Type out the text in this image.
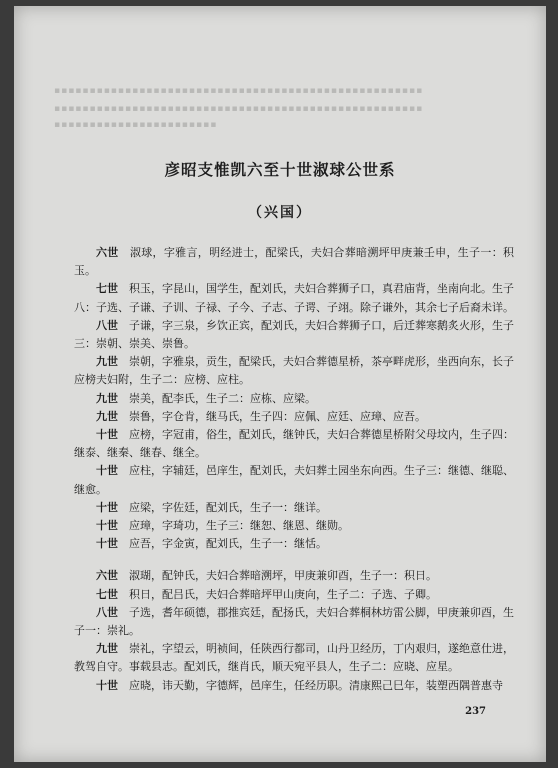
▪▪▪▪▪▪▪▪▪▪▪▪▪▪▪▪▪▪▪▪▪▪▪▪▪▪▪▪▪▪▪▪▪▪▪▪▪▪▪▪▪▪▪▪▪▪▪▪▪▪▪▪
▪▪▪▪▪▪▪▪▪▪▪▪▪▪▪▪▪▪▪▪▪▪▪▪▪▪▪▪▪▪▪▪▪▪▪▪▪▪▪▪▪▪▪▪▪▪▪▪▪▪▪▪
▪▪▪▪▪▪▪▪▪▪▪▪▪▪▪▪▪▪▪▪▪▪▪
彦昭支惟凯六至十世淑球公世系
（兴国）

六世　 淑球，字雅言，明经进士，配梁氏，夫妇合葬暗溯坪甲庚兼壬申，生子一：积玉。

七世　 积玉，字昆山，国学生，配刘氏，夫妇合葬狮子口，真君庙背，坐南向北。生子八：子选、子谦、子训、子禄、子今、子志、子谔、子翊。除子谦外，其余七子后裔未详。

八世　 子谦，字三泉，乡饮正宾，配刘氏，夫妇合葬狮子口，后迁葬寒鹅炙火形，生子三：崇朝、崇美、崇鲁。

九世　 崇朝，字雅泉，贡生，配梁氏，夫妇合葬德星桥，茶亭畔虎形，坐西向东，长子应榜夫妇附，生子二：应榜、应柱。

九世　 崇美，配李氏，生子二：应栋、应梁。

九世　 崇鲁，字仓肯，继马氏，生子四：应佩、应廷、应璋、应吾。

十世　 应榜，字冠甫，俗生，配刘氏，继钟氏，夫妇合葬德星桥附父母坟内，生子四：继泰、继秦、继春、继全。

十世　 应柱，字辅廷，邑庠生，配刘氏，夫妇葬土园坐东向西。生子三：继德、继聪、继愈。

十世　 应梁，字佐廷，配刘氏，生子一：继详。

十世　 应璋，字琦功，生子三：继恕、继恩、继勋。

十世　 应吾，字金寅，配刘氏，生子一：继恬。

六世　 淑瑚，配钟氏，夫妇合葬暗溯坪，甲庚兼卯酉，生子一：积日。

七世　 积日，配吕氏，夫妇合葬暗坪甲山庚向，生子二：子选、子卿。

八世　 子选，耆年硕德，郡推宾廷，配扬氏，夫妇合葬桐林坊雷公脚，甲庚兼卯酉，生子一：崇礼。

九世　 崇礼，字望云，明祯间，任陕西行都司，山丹卫经历，丁内艰归，遂绝意仕进，教驾自守。事载县志。配刘氏，继肖氏，顺天宛平县人，生子二：应晓、应星。

十世　 应晓，讳天勤，字德辉，邑庠生，任经历职。清康熙己巳年，装塑西隅普惠寺

237
